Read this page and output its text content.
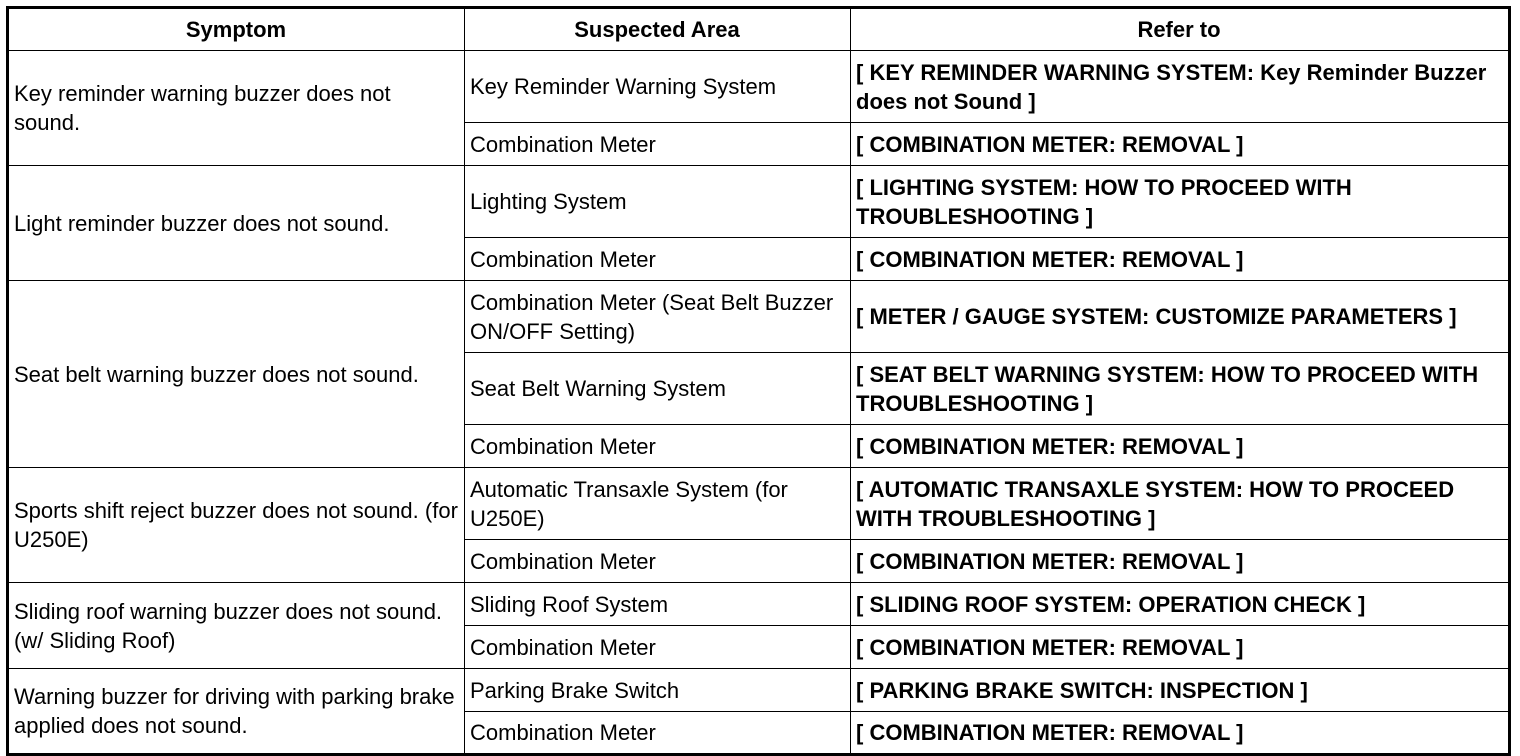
Symptom	Suspected Area	Refer to
Key reminder warning buzzer does not sound.	Key Reminder Warning System	[ KEY REMINDER WARNING SYSTEM: Key Reminder Buzzer does not Sound ]
	Combination Meter	[ COMBINATION METER: REMOVAL ]
Light reminder buzzer does not sound.	Lighting System	[ LIGHTING SYSTEM: HOW TO PROCEED WITH TROUBLESHOOTING ]
	Combination Meter	[ COMBINATION METER: REMOVAL ]
Seat belt warning buzzer does not sound.	Combination Meter (Seat Belt Buzzer ON/OFF Setting)	[ METER / GAUGE SYSTEM: CUSTOMIZE PARAMETERS ]
	Seat Belt Warning System	[ SEAT BELT WARNING SYSTEM: HOW TO PROCEED WITH TROUBLESHOOTING ]
	Combination Meter	[ COMBINATION METER: REMOVAL ]
Sports shift reject buzzer does not sound. (for U250E)	Automatic Transaxle System (for U250E)	[ AUTOMATIC TRANSAXLE SYSTEM: HOW TO PROCEED WITH TROUBLESHOOTING ]
	Combination Meter	[ COMBINATION METER: REMOVAL ]
Sliding roof warning buzzer does not sound. (w/ Sliding Roof)	Sliding Roof System	[ SLIDING ROOF SYSTEM: OPERATION CHECK ]
	Combination Meter	[ COMBINATION METER: REMOVAL ]
Warning buzzer for driving with parking brake applied does not sound.	Parking Brake Switch	[ PARKING BRAKE SWITCH: INSPECTION ]
	Combination Meter	[ COMBINATION METER: REMOVAL ]
